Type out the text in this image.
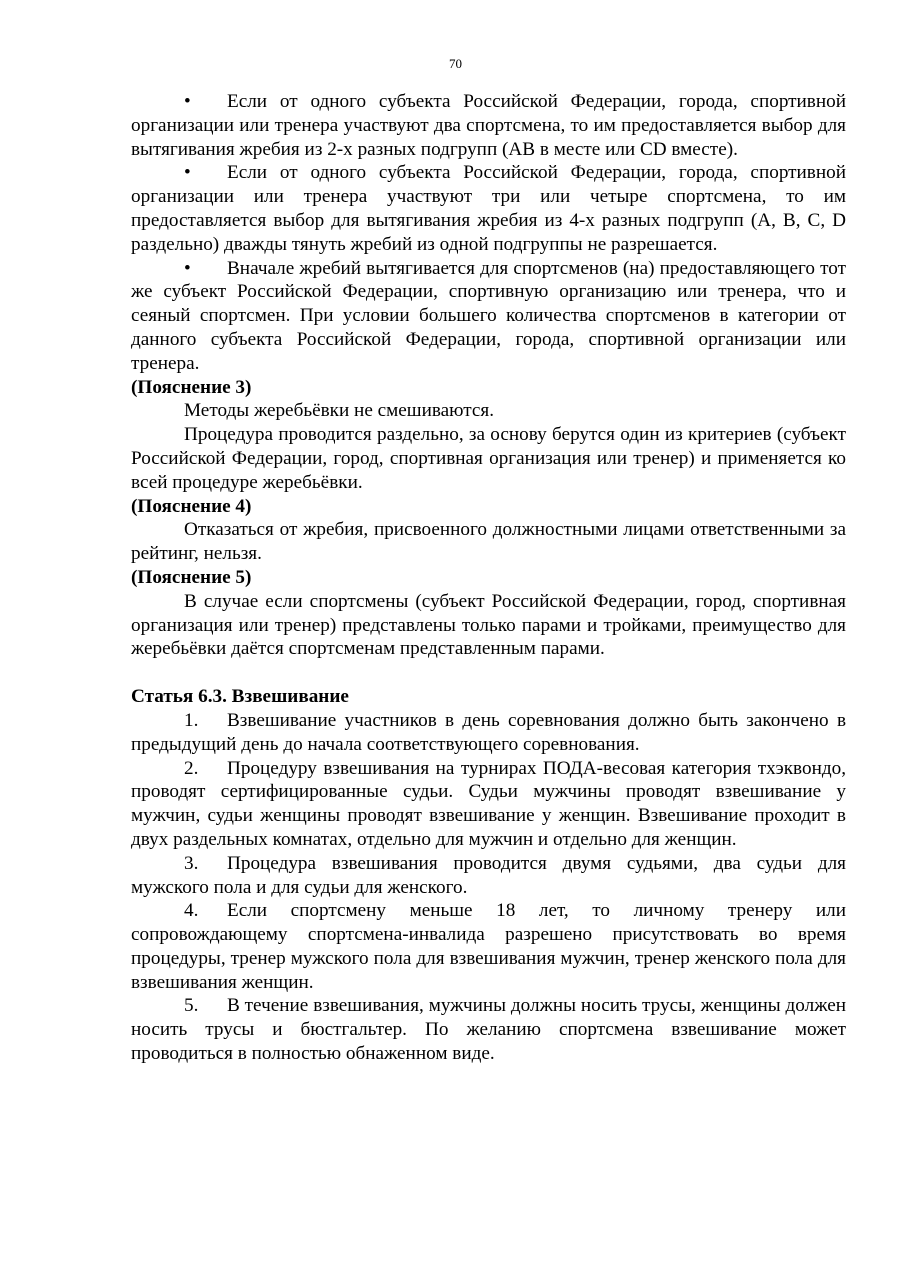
70

• Если от одного субъекта Российской Федерации, города, спортивной организации или тренера участвуют два спортсмена, то им предоставляется выбор для вытягивания жребия из 2-х разных подгрупп (AB в месте или CD вместе).

• Если от одного субъекта Российской Федерации, города, спортивной организации или тренера участвуют три или четыре спортсмена, то им предоставляется выбор для вытягивания жребия из 4-х разных подгрупп (A, B, C, D раздельно) дважды тянуть жребий из одной подгруппы не разрешается.

• Вначале жребий вытягивается для спортсменов (на) предоставляющего тот же субъект Российской Федерации, спортивную организацию или тренера, что и сеяный спортсмен. При условии большего количества спортсменов в категории от данного субъекта Российской Федерации, города, спортивной организации или тренера.

(Пояснение 3)

Методы жеребьёвки не смешиваются.

Процедура проводится раздельно, за основу берутся один из критериев (субъект Российской Федерации, город, спортивная организация или тренер) и применяется ко всей процедуре жеребьёвки.

(Пояснение 4)

Отказаться от жребия, присвоенного должностными лицами ответственными за рейтинг, нельзя.

(Пояснение 5)

В случае если спортсмены (субъект Российской Федерации, город, спортивная организация или тренер) представлены только парами и тройками, преимущество для жеребьёвки даётся спортсменам представленным парами.

Статья 6.3. Взвешивание

1. Взвешивание участников в день соревнования должно быть закончено в предыдущий день до начала соответствующего соревнования.

2. Процедуру взвешивания на турнирах ПОДА-весовая категория тхэквондо, проводят сертифицированные судьи. Судьи мужчины проводят взвешивание у мужчин, судьи женщины проводят взвешивание у женщин. Взвешивание проходит в двух раздельных комнатах, отдельно для мужчин и отдельно для женщин.

3. Процедура взвешивания проводится двумя судьями, два судьи для мужского пола и для судьи для женского.

4. Если спортсмену меньше 18 лет, то личному тренеру или сопровождающему спортсмена-инвалида разрешено присутствовать во время процедуры, тренер мужского пола для взвешивания мужчин, тренер женского пола для взвешивания женщин.

5. В течение взвешивания, мужчины должны носить трусы, женщины должен носить трусы и бюстгальтер. По желанию спортсмена взвешивание может проводиться в полностью обнаженном виде.
